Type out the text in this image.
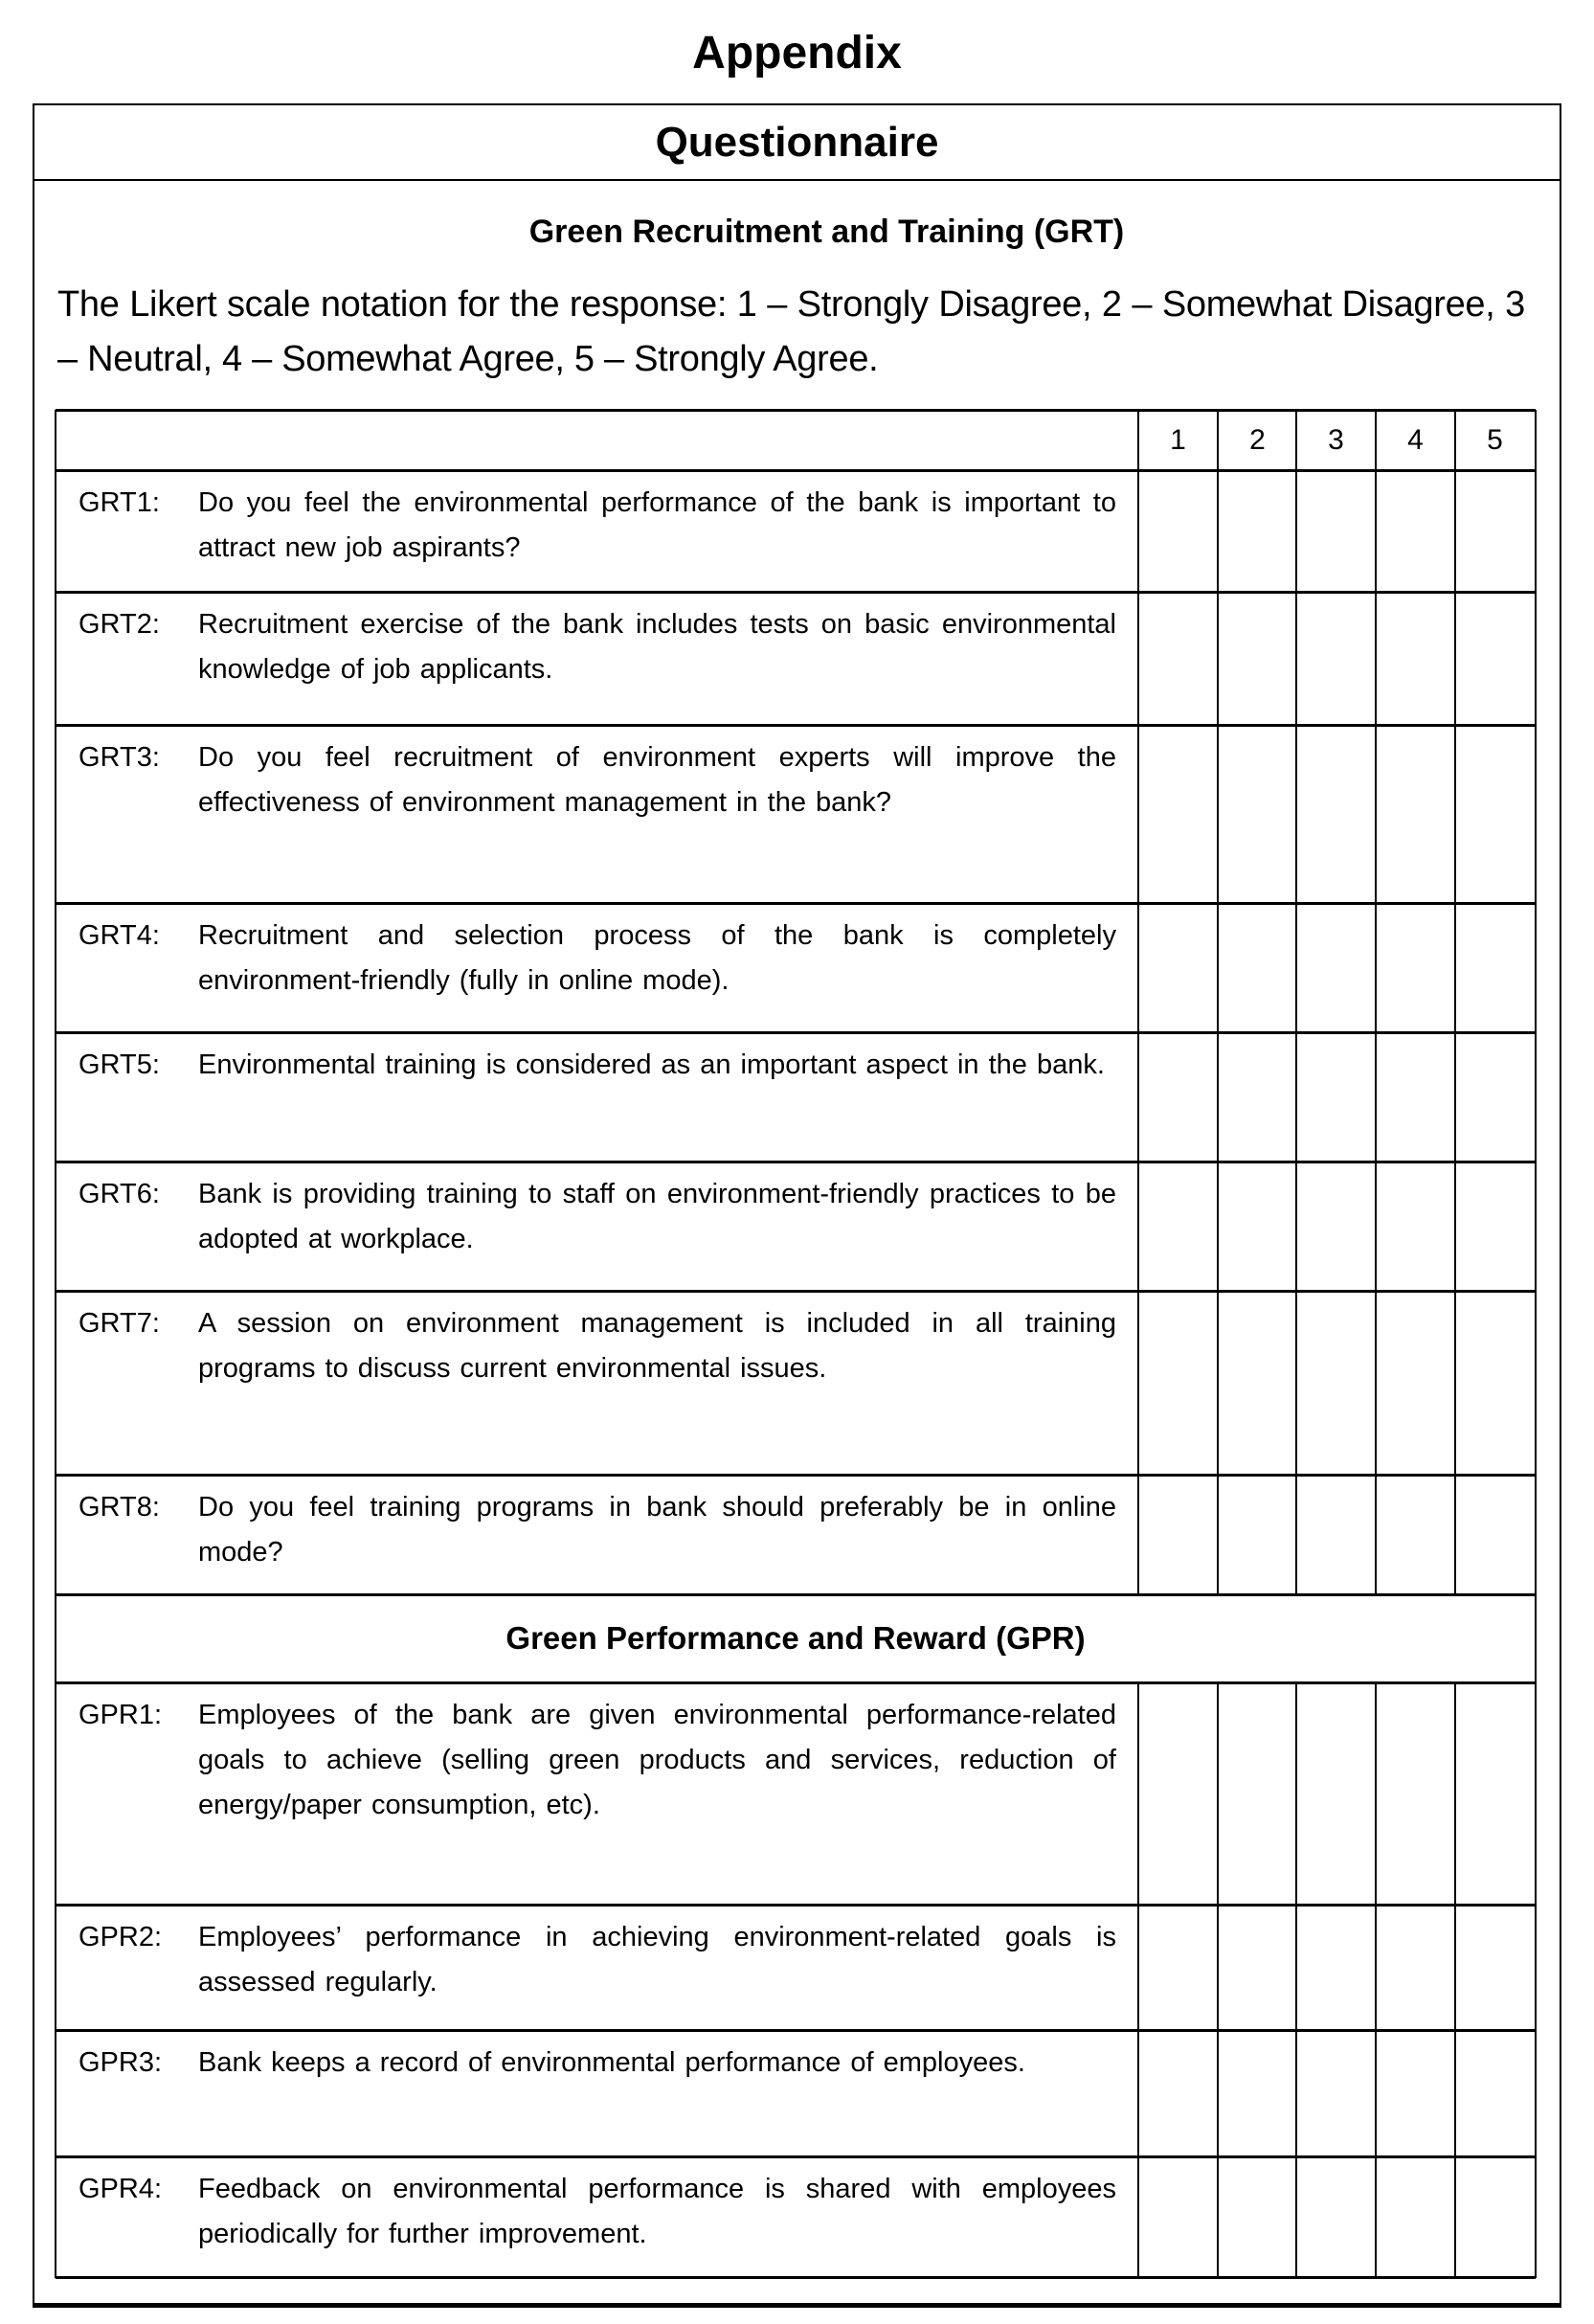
Appendix
Questionnaire
Green Recruitment and Training (GRT)
The Likert scale notation for the response: 1 – Strongly Disagree, 2 – Somewhat Disagree, 3 – Neutral, 4 – Somewhat Agree, 5 – Strongly Agree.
1	2	3	4	5
GRT1:	Do you feel the environmental performance of the bank is important to attract new job aspirants?
GRT2:	Recruitment exercise of the bank includes tests on basic environmental knowledge of job applicants.
GRT3:	Do you feel recruitment of environment experts will improve the effectiveness of environment management in the bank?
GRT4:	Recruitment and selection process of the bank is completely environment-friendly (fully in online mode).
GRT5:	Environmental training is considered as an important aspect in the bank.
GRT6:	Bank is providing training to staff on environment-friendly practices to be adopted at workplace.
GRT7:	A session on environment management is included in all training programs to discuss current environmental issues.
GRT8:	Do you feel training programs in bank should preferably be in online mode?
Green Performance and Reward (GPR)
GPR1:	Employees of the bank are given environmental performance-related goals to achieve (selling green products and services, reduction of energy/paper consumption, etc).
GPR2:	Employees’ performance in achieving environment-related goals is assessed regularly.
GPR3:	Bank keeps a record of environmental performance of employees.
GPR4:	Feedback on environmental performance is shared with employees periodically for further improvement.
